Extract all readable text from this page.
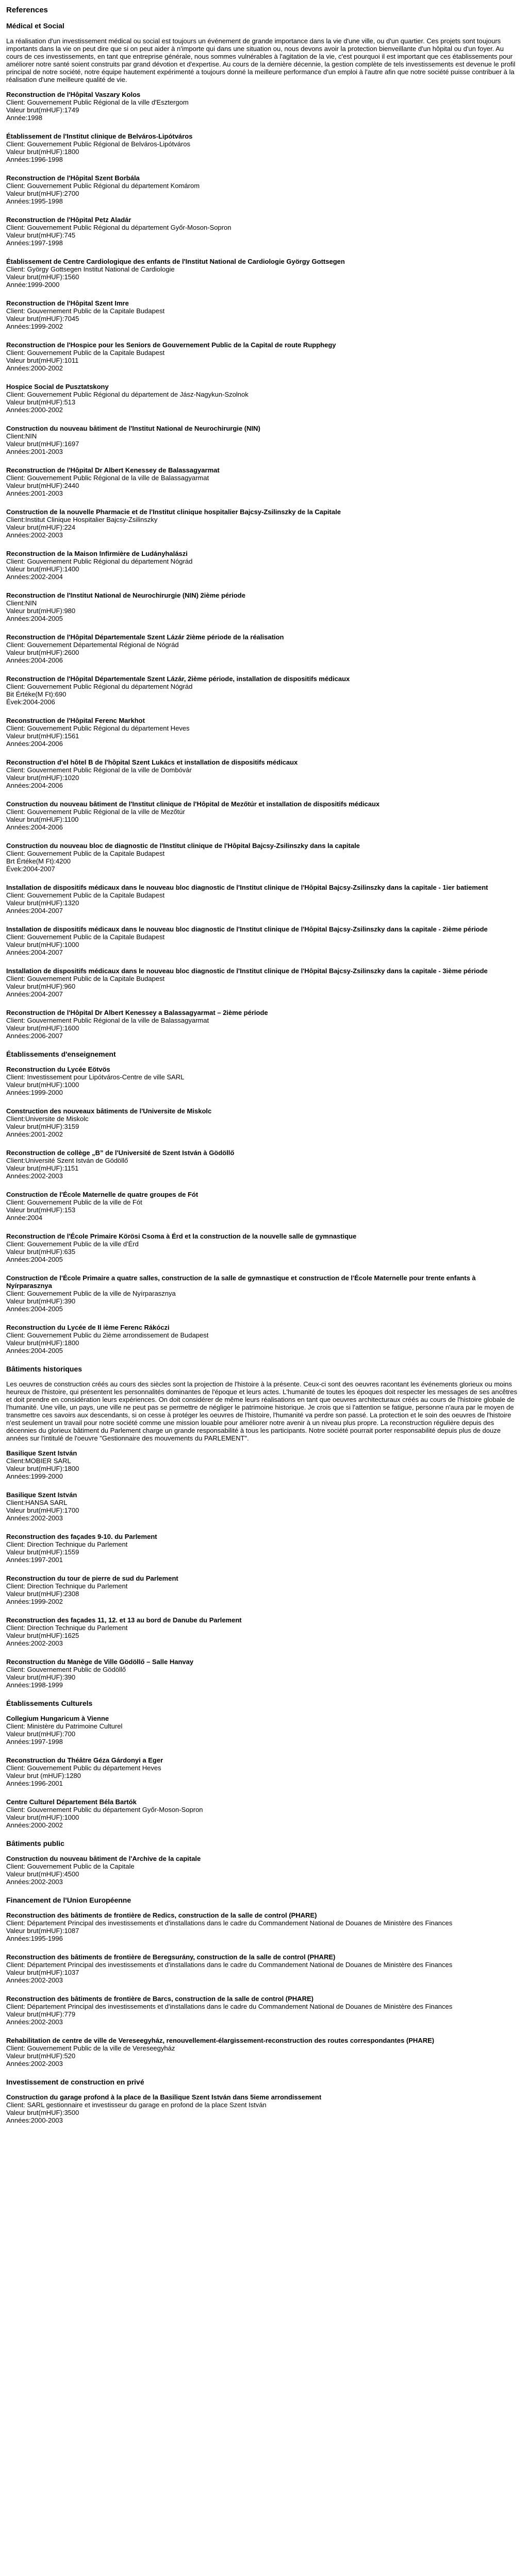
References
Médical et Social

La réalisation d'un investissement médical ou social est toujours un événement de grande importance dans la vie d'une ville, ou d'un quartier. Ces projets sont toujours importants dans la vie on peut dire que si on peut aider à n'importe qui dans une situation ou, nous devons avoir la protection bienveillante d'un hôpital ou d'un foyer. Au cours de ces investissements, en tant que entreprise générale, nous sommes vulnérables à l'agitation de la vie, c'est pourquoi il est important que ces établissements pour améliorer notre santé soient construits par grand dévotion et d'expertise. Au cours de la dernière décennie, la gestion complète de tels investissements est devenue le profil principal de notre société, notre équipe hautement expérimenté a toujours donné la meilleure performance d'un emploi à l'autre afin que notre société puisse contribuer à la réalisation d'une meilleure qualité de vie.

Reconstruction de l'Hôpital Vaszary Kolos
Client: Gouvernement Public Régional de la ville d'Esztergom
Valeur brut(mHUF):1749
Année:1998
Établissement de l'Institut clinique de Belváros-Lipótváros
Client: Gouvernement Public Régional de Belváros-Lipótváros
Valeur brut(mHUF):1800
Années:1996-1998
Reconstruction de l'Hôpital Szent Borbála
Client: Gouvernement Public Régional du département Komárom
Valeur brut(mHUF):2700
Années:1995-1998
Reconstruction de l'Hôpital Petz Aladár
Client: Gouvernement Public Régional du département Győr-Moson-Sopron
Valeur brut(mHUF):745
Années:1997-1998
Établissement de Centre Cardiologique des enfants de l'Institut National de Cardiologie György Gottsegen
Client: György Gottsegen Institut National de Cardiologie
Valeur brut(mHUF):1560
Année:1999-2000
Reconstruction de l'Hôpital Szent Imre
Client: Gouvernement Public de la Capitale Budapest
Valeur brut(mHUF):7045
Années:1999-2002
Reconstruction de l'Hospice pour les Seniors de Gouvernement Public de la Capital de route Rupphegy
Client: Gouvernement Public de la Capitale Budapest
Valeur brut(mHUF):1011
Années:2000-2002
Hospice Social de Pusztatskony
Client: Gouvernement Public Régional du département de Jász-Nagykun-Szolnok
Valeur brut(mHUF):513
Années:2000-2002
Construction du nouveau bâtiment de l'Institut National de Neurochirurgie (NIN)
Client:NIN
Valeur brut(mHUF):1697
Années:2001-2003
Reconstruction de l'Hôpital Dr Albert Kenessey de Balassagyarmat
Client: Gouvernement Public Régional de la ville de Balassagyarmat
Valeur brut(mHUF):2440
Années:2001-2003
Construction de la nouvelle Pharmacie et de l'Institut clinique hospitalier Bajcsy-Zsilinszky de la Capitale
Client:Institut Clinique Hospitalier Bajcsy-Zsilinszky
Valeur brut(mHUF):224
Années:2002-2003
Reconstruction de la Maison Infirmière de Ludányhalászi
Client: Gouvernement Public Régional du département Nógrád
Valeur brut(mHUF):1400
Années:2002-2004
Reconstruction de l'Institut National de Neurochirurgie (NIN) 2ième période
Client:NIN
Valeur brut(mHUF):980
Années:2004-2005
Reconstruction de l'Hôpital Départementale Szent Lázár 2ième période de la réalisation
Client: Gouvernement Départemental Régional de Nógrád
Valeur brut(mHUF):2600
Années:2004-2006
Reconstruction de l'Hôpital Départementale Szent Lázár, 2ième période, installation de dispositifs médicaux
Client: Gouvernement Public Régional du département Nógrád
Bit Értéke(M Ft):690
Évek:2004-2006
Reconstruction de l'Hôpital Ferenc Markhot
Client: Gouvernement Public Régional du département Heves
Valeur brut(mHUF):1561
Années:2004-2006
Reconstruction d'el hôtel B de l'hôpital Szent Lukács et installation de dispositifs médicaux
Client: Gouvernement Public Régional de la ville de Dombóvár
Valeur brut(mHUF):1020
Années:2004-2006
Construction du nouveau bâtiment de l'Institut clinique de l'Hôpital de Mezőtúr et installation de dispositifs médicaux
Client: Gouvernement Public Régional de la ville de Mezőtúr
Valeur brut(mHUF):1100
Années:2004-2006
Construction du nouveau bloc de diagnostic de l'Institut clinique de l'Hôpital Bajcsy-Zsilinszky dans la capitale
Client: Gouvernement Public de la Capitale Budapest
Brt Értéke(M Ft):4200
Évek:2004-2007
Installation de dispositifs médicaux dans le nouveau bloc diagnostic de l'Institut clinique de l'Hôpital Bajcsy-Zsilinszky dans la capitale - 1ier batiement
Client: Gouvernement Public de la Capitale Budapest
Valeur brut(mHUF):1320
Années:2004-2007
Installation de dispositifs médicaux dans le nouveau bloc diagnostic de l'Institut clinique de l'Hôpital Bajcsy-Zsilinszky dans la capitale - 2ième période
Client: Gouvernement Public de la Capitale Budapest
Valeur brut(mHUF):1000
Années:2004-2007
Installation de dispositifs médicaux dans le nouveau bloc diagnostic de l'Institut clinique de l'Hôpital Bajcsy-Zsilinszky dans la capitale - 3ième période
Client: Gouvernement Public de la Capitale Budapest
Valeur brut(mHUF):960
Années:2004-2007
Reconstruction de l'Hôpital Dr Albert Kenessey a Balassagyarmat – 2ième période
Client: Gouvernement Public Régional de la ville de Balassagyarmat
Valeur brut(mHUF):1600
Années:2006-2007
Établissements d'enseignement
Reconstruction du Lycée Eötvös
Client: Investissement pour Lipótváros-Centre de ville SARL
Valeur brut(mHUF):1000
Années:1999-2000
Construction des nouveaux bâtiments de l'Universite de Miskolc
Client:Universite de Miskolc
Valeur brut(mHUF):3159
Années:2001-2002
Reconstruction de collège „B” de l'Université de Szent István à Gödöllő
Client:Université Szent István de Gödöllő
Valeur brut(mHUF):1151
Années:2002-2003
Construction de l'École Maternelle de quatre groupes de Fót
Client: Gouvernement Public de la ville de Fót
Valeur brut(mHUF):153
Année:2004
Reconstruction de l'École Primaire Körösi Csoma à Érd et la construction de la nouvelle salle de gymnastique
Client: Gouvernement Public de la ville d'Érd
Valeur brut(mHUF):635
Années:2004-2005
Construction de l'École Primaire a quatre salles, construction de la salle de gymnastique et construction de l'École Maternelle pour trente enfants à Nyírparasznya
Client: Gouvernement Public de la ville de Nyírparasznya
Valeur brut(mHUF):390
Années:2004-2005
Reconstruction du Lycée de II ième Ferenc Rákóczi
Client: Gouvernement Public du 2ième arrondissement de Budapest
Valeur brut(mHUF):1800
Années:2004-2005
Bâtiments historiques

Les oeuvres de construction créés au cours des siècles sont la projection de l'histoire à la présente. Ceux-ci sont des oeuvres racontant les événements glorieux ou moins heureux de l'histoire, qui présentent les personnalités dominantes de l'époque et leurs actes. L'humanité de toutes les époques doit respecter les messages de ses ancêtres et doit prendre en considération leurs expériences. On doit considérer de même leurs réalisations en tant que oeuvres architecturaux créés au cours de l'histoire globale de l'humanité. Une ville, un pays, une ville ne peut pas se permettre de négliger le patrimoine historique. Je crois que si l'attention se fatigue, personne n'aura par le moyen de transmettre ces savoirs aux descendants, si on cesse à protéger les oeuvres de l'histoire, l'humanité va perdre son passé. La protection et le soin des oeuvres de l'histoire n'est seulement un travail pour notre société comme une mission louable pour améliorer notre avenir à un niveau plus propre. La reconstruction régulière depuis des décennies du glorieux bâtiment du Parlement charge un grande responsabilité à tous les participants. Notre société pourrait porter responsabilité depuis plus de douze années sur l'intitulé de l'oeuvre "Gestionnaire des mouvements du PARLEMENT".

Basilique Szent István
Client:MOBIER SARL
Valeur brut(mHUF):1800
Années:1999-2000
Basilique Szent István
Client:HANSA SARL
Valeur brut(mHUF):1700
Années:2002-2003
Reconstruction des façades 9-10. du Parlement
Client: Direction Technique du Parlement
Valeur brut(mHUF):1559
Années:1997-2001
Reconstruction du tour de pierre de sud du Parlement
Client: Direction Technique du Parlement
Valeur brut(mHUF):2308
Années:1999-2002
Reconstruction des façades 11, 12. et 13 au bord de Danube du Parlement
Client: Direction Technique du Parlement
Valeur brut(mHUF):1625
Années:2002-2003
Reconstruction du Manège de Ville Gödöllő – Salle Hanvay
Client: Gouvernement Public de Gödöllő
Valeur brut(mHUF):390
Années:1998-1999
Établissements Culturels
Collegium Hungaricum à Vienne
Client: Ministère du Patrimoine Culturel
Valeur brut(mHUF):700
Années:1997-1998
Reconstruction du Théâtre Géza Gárdonyi a Eger
Client: Gouvernement Public du département Heves
Valeur brut (mHUF):1280
Années:1996-2001
Centre Culturel Département Béla Bartók
Client: Gouvernement Public du département Győr-Moson-Sopron
Valeur brut(mHUF):1000
Années:2000-2002
Bâtiments public
Construction du nouveau bâtiment de l'Archive de la capitale
Client: Gouvernement Public de la Capitale
Valeur brut(mHUF):4500
Années:2002-2003
Financement de l'Union Européenne
Reconstruction des bâtiments de frontière de Redics, construction de la salle de control (PHARE)
Client: Département Principal des investissements et d'installations dans le cadre du Commandement National de Douanes de Ministère des Finances
Valeur brut(mHUF):1087
Années:1995-1996
Reconstruction des bâtiments de frontière de Beregsurány, construction de la salle de control (PHARE)
Client: Département Principal des investissements et d'installations dans le cadre du Commandement National de Douanes de Ministère des Finances
Valeur brut(mHUF):1037
Années:2002-2003
Reconstruction des bâtiments de frontière de Barcs, construction de la salle de control (PHARE)
Client: Département Principal des investissements et d'installations dans le cadre du Commandement National de Douanes de Ministère des Finances
Valeur brut(mHUF):779
Années:2002-2003
Rehabilitation de centre de ville de Vereseegyház, renouvellement-élargissement-reconstruction des routes correspondantes (PHARE)
Client: Gouvernement Public de la ville de Vereseegyház
Valeur brut(mHUF):520
Années:2002-2003
Investissement de construction en privé
Construction du garage profond à la place de la Basilique Szent István dans 5ieme arrondissement
Client: SARL gestionnaire et investisseur du garage en profond de la place Szent István
Valeur brut(mHUF):3500
Années:2000-2003
